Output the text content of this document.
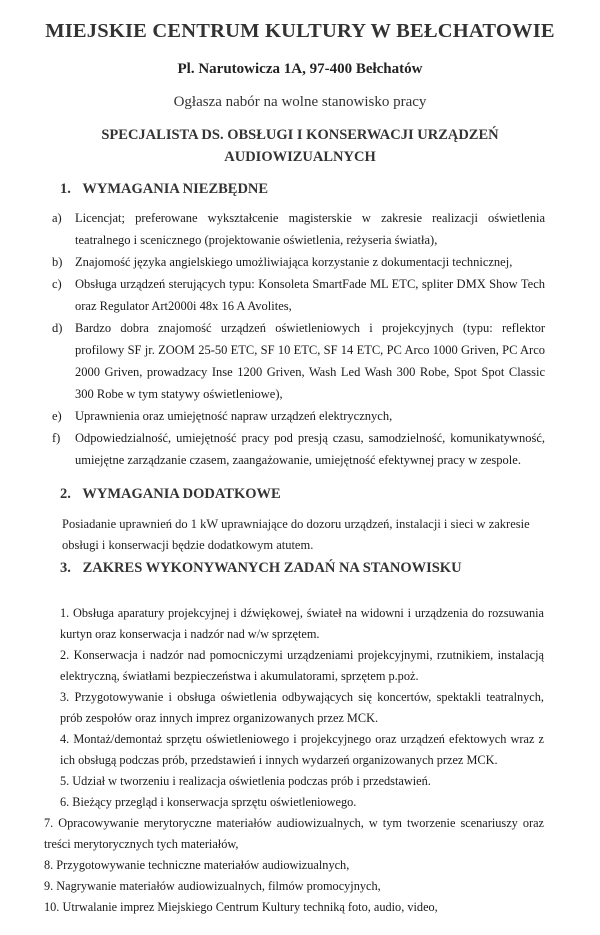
MIEJSKIE CENTRUM KULTURY W BEŁCHATOWIE
Pl. Narutowicza 1A, 97-400 Bełchatów
Ogłasza nabór na wolne stanowisko pracy
SPECJALISTA DS. OBSŁUGI I KONSERWACJI URZĄDZEŃ
AUDIOWIZUALNYCH
1. WYMAGANIA NIEZBĘDNE
a) Licencjat; preferowane wykształcenie magisterskie w zakresie realizacji oświetlenia teatralnego i scenicznego (projektowanie oświetlenia, reżyseria światła),
b) Znajomość języka angielskiego umożliwiająca korzystanie z dokumentacji technicznej,
c) Obsługa urządzeń sterujących typu: Konsoleta SmartFade ML ETC, spliter DMX Show Tech oraz Regulator Art2000i 48x 16 A Avolites,
d) Bardzo dobra znajomość urządzeń oświetleniowych i projekcyjnych (typu: reflektor profilowy SF jr. ZOOM 25-50 ETC, SF 10 ETC, SF 14 ETC, PC Arco 1000 Griven, PC Arco 2000 Griven, prowadzacy Inse 1200 Griven, Wash Led Wash 300 Robe, Spot Spot Classic 300 Robe w tym statywy oświetleniowe),
e) Uprawnienia oraz umiejętność napraw urządzeń elektrycznych,
f) Odpowiedzialność, umiejętność pracy pod presją czasu, samodzielność, komunikatywność, umiejętne zarządzanie czasem, zaangażowanie, umiejętność efektywnej pracy w zespole.
2. WYMAGANIA DODATKOWE
Posiadanie uprawnień do 1 kW uprawniające do dozoru urządzeń, instalacji i sieci w zakresie obsługi i konserwacji będzie dodatkowym atutem.
3. ZAKRES WYKONYWANYCH ZADAŃ NA STANOWISKU
1. Obsługa aparatury projekcyjnej i dźwiękowej, świateł na widowni i urządzenia do rozsuwania kurtyn oraz konserwacja i nadzór nad w/w sprzętem.
2. Konserwacja i nadzór nad pomocniczymi urządzeniami projekcyjnymi, rzutnikiem, instalacją elektryczną, światłami bezpieczeństwa i akumulatorami, sprzętem p.poż.
3. Przygotowywanie i obsługa oświetlenia odbywających się koncertów, spektakli teatralnych, prób zespołów oraz innych imprez organizowanych przez MCK.
4. Montaż/demontaż sprzętu oświetleniowego i projekcyjnego oraz urządzeń efektowych wraz z ich obsługą podczas prób, przedstawień i innych wydarzeń organizowanych przez MCK.
5. Udział w tworzeniu i realizacja oświetlenia podczas prób i przedstawień.
6. Bieżący przegląd i konserwacja sprzętu oświetleniowego.
7. Opracowywanie merytoryczne materiałów audiowizualnych, w tym tworzenie scenariuszy oraz treści merytorycznych tych materiałów,
8. Przygotowywanie techniczne materiałów audiowizualnych,
9. Nagrywanie materiałów audiowizualnych, filmów promocyjnych,
10. Utrwalanie imprez Miejskiego Centrum Kultury techniką foto, audio, video,
